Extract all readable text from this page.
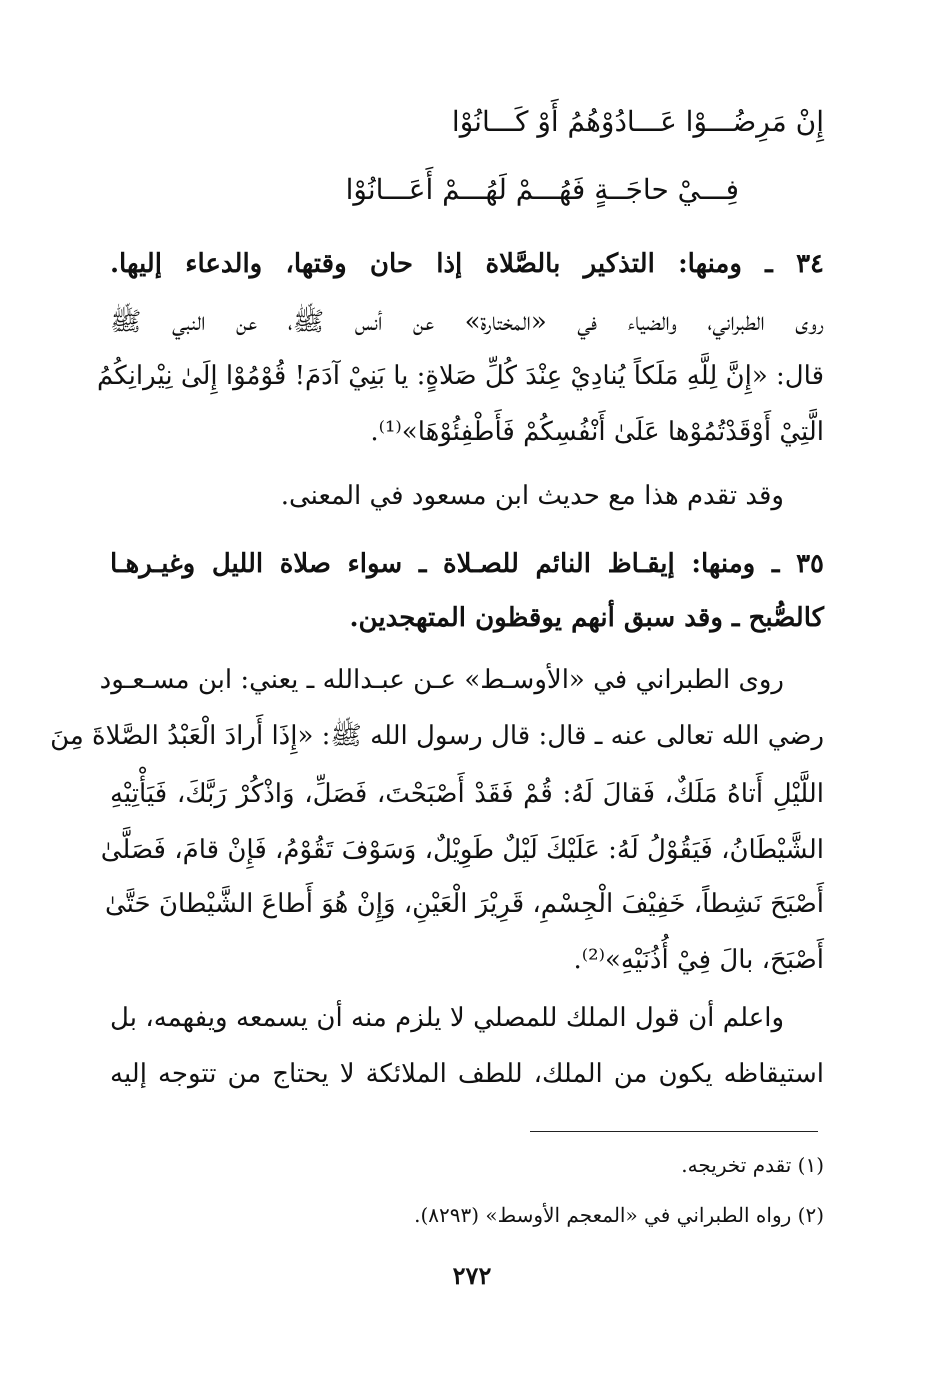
إِنْ مَرِضُـــوْا عَـــادُوْهُمُ أَوْ كَـــانُوْا
فِـــيْ حاجَــةٍ فَهُـــمْ لَهُـــمْ أَعَـــانُوْا
٣٤ ـ ومنها: التذكير بالصَّلاة إذا حان وقتها، والدعاء إليها.
روى الطبراني، والضياء في «المختارة» عن أنس ﷺ، عن النبي ﷺ
قال: «إِنَّ لِلَّهِ مَلَكاً يُنادِيْ عِنْدَ كُلِّ صَلاةٍ: يا بَنِيْ آدَمَ! قُوْمُوْا إِلَىٰ نِيْرانِكُمُ
الَّتِيْ أَوْقَدْتُمُوْها عَلَىٰ أَنْفُسِكُمْ فَأَطْفِئُوْهَا»⁽¹⁾.
وقد تقدم هذا مع حديث ابن مسعود في المعنى.
٣٥ ـ ومنها: إيقـاظ النائم للصـلاة ـ سواء صلاة الليل وغيـرهـا
كالصُّبح ـ وقد سبق أنهم يوقظون المتهجدين.
روى الطبراني في «الأوسـط» عـن عبـدالله ـ يعني: ابن مسـعـود
رضي الله تعالى عنه ـ قال: قال رسول الله ﷺ: «إِذَا أَرادَ الْعَبْدُ الصَّلاةَ مِنَ
اللَّيْلِ أَتاهُ مَلَكٌ، فَقالَ لَهُ: قُمْ فَقَدْ أَصْبَحْتَ، فَصَلِّ، وَاذْكُرْ رَبَّكَ، فَيَأْتِيْهِ
الشَّيْطَانُ، فَيَقُوْلُ لَهُ: عَلَيْكَ لَيْلٌ طَوِيْلٌ، وَسَوْفَ تَقُوْمُ، فَإِنْ قامَ، فَصَلَّىٰ
أَصْبَحَ نَشِطاً، خَفِيْفَ الْجِسْمِ، قَرِيْرَ الْعَيْنِ، وَإِنْ هُوَ أَطاعَ الشَّيْطانَ حَتَّىٰ
أَصْبَحَ، بالَ فِيْ أُذُنَيْهِ»⁽²⁾.
واعلم أن قول الملك للمصلي لا يلزم منه أن يسمعه ويفهمه، بل
استيقاظه يكون من الملك، للطف الملائكة لا يحتاج من تتوجه إليه
(١) تقدم تخريجه.
(٢) رواه الطبراني في «المعجم الأوسط» (٨٢٩٣).
٢٧٢
